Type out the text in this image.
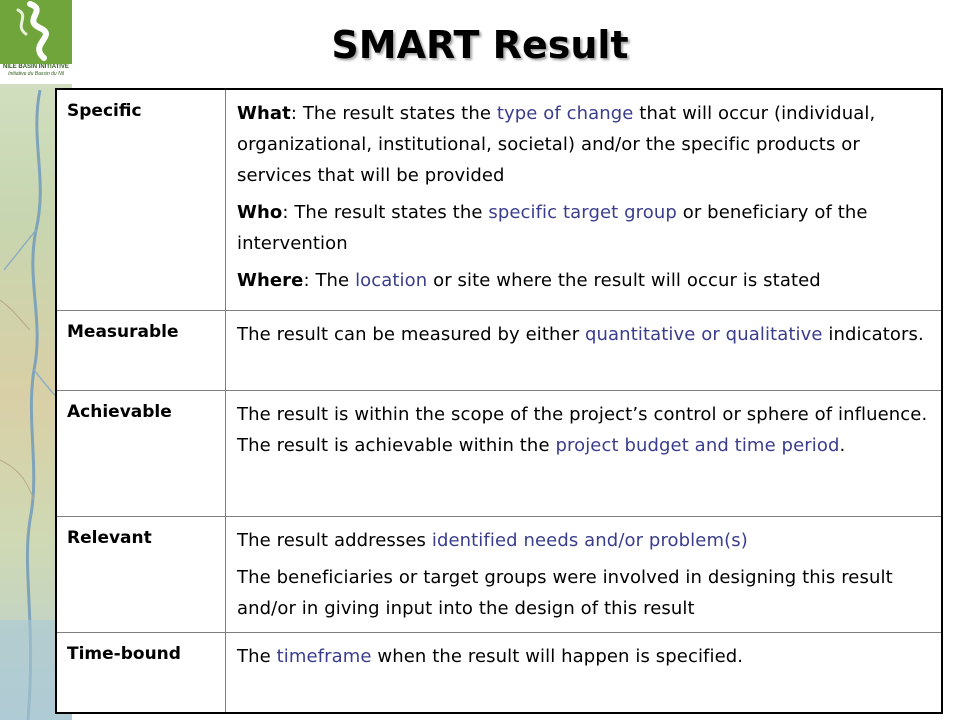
NILE BASIN INITIATIVE
Initiative du Bassin du Nil
SMART Result
Specific	What: The result states the type of change that will occur (individual, organizational, institutional, societal) and/or the specific products or services that will be provided

Who: The result states the specific target group or beneficiary of the intervention

Where: The location or site where the result will occur is stated

Measurable	The result can be measured by either quantitative or qualitative indicators.

Achievable	The result is within the scope of the project’s control or sphere of influence. The result is achievable within the project budget and time period.

Relevant	The result addresses identified needs and/or problem(s)

The beneficiaries or target groups were involved in designing this result and/or in giving input into the design of this result

Time-bound	The timeframe when the result will happen is specified.
